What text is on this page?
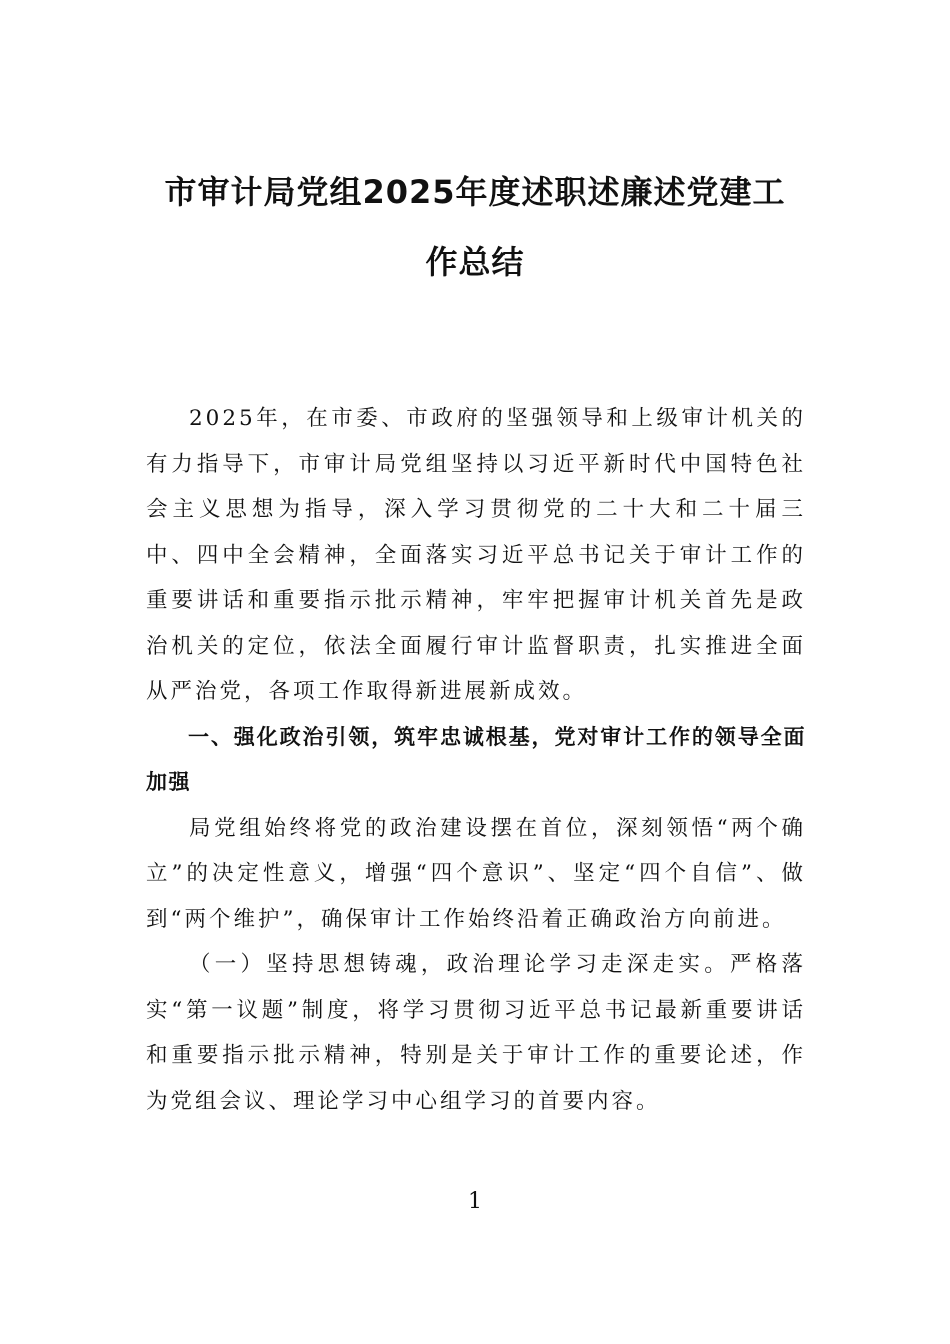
市审计局党组2025年度述职述廉述党建工
作总结

2025年，在市委、市政府的坚强领导和上级审计机关的有力指导下，市审计局党组坚持以习近平新时代中国特色社会主义思想为指导，深入学习贯彻党的二十大和二十届三中、四中全会精神，全面落实习近平总书记关于审计工作的重要讲话和重要指示批示精神，牢牢把握审计机关首先是政治机关的定位，依法全面履行审计监督职责，扎实推进全面从严治党，各项工作取得新进展新成效。

一、强化政治引领，筑牢忠诚根基，党对审计工作的领导全面加强

局党组始终将党的政治建设摆在首位，深刻领悟“两个确立”的决定性意义，增强“四个意识”、坚定“四个自信”、做到“两个维护”，确保审计工作始终沿着正确政治方向前进。

（一）坚持思想铸魂，政治理论学习走深走实。严格落实“第一议题”制度，将学习贯彻习近平总书记最新重要讲话和重要指示批示精神，特别是关于审计工作的重要论述，作为党组会议、理论学习中心组学习的首要内容。

1
